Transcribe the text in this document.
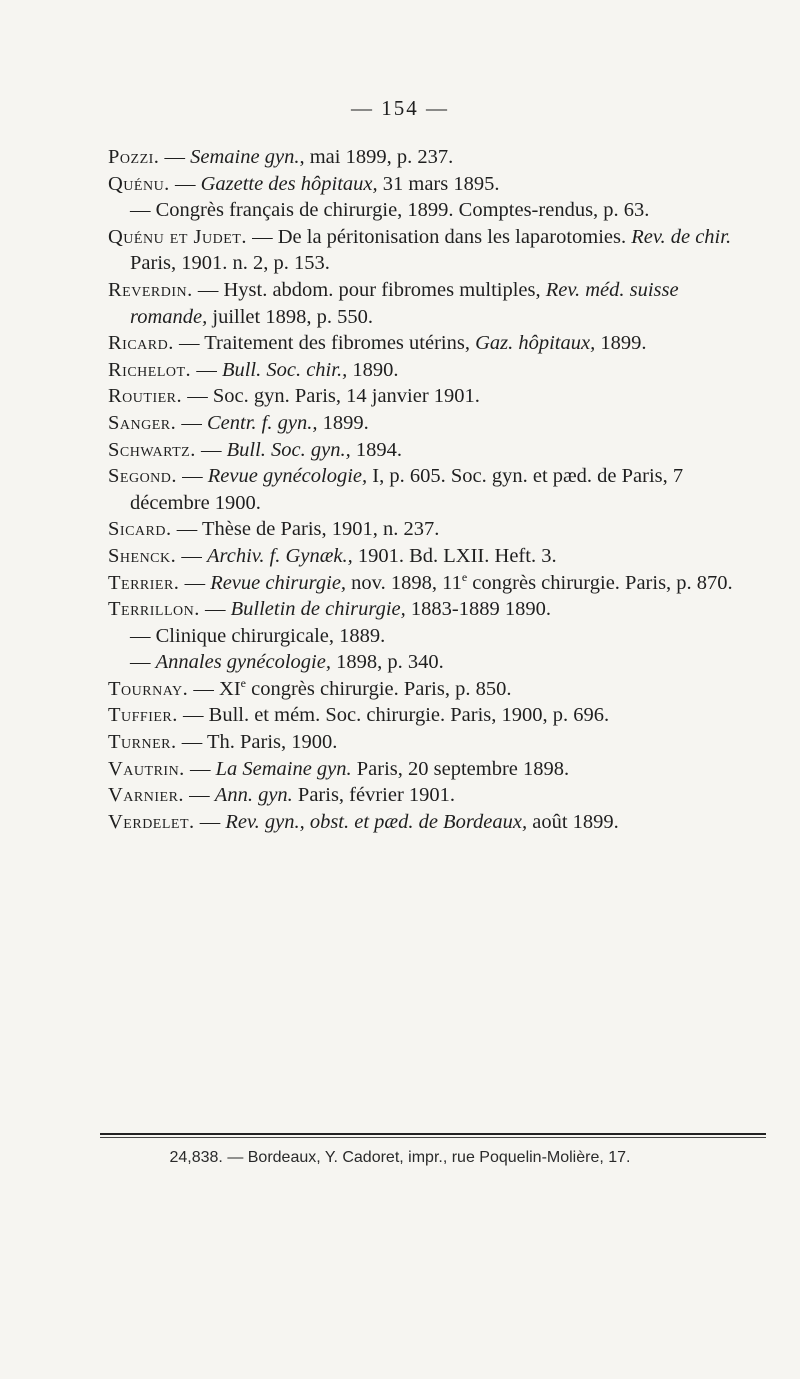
— 154 —

Pozzi. — Semaine gyn., mai 1899, p. 237.

Quénu. — Gazette des hôpitaux, 31 mars 1895.

— Congrès français de chirurgie, 1899. Comptes-rendus, p. 63.

Quénu et Judet. — De la péritonisation dans les laparotomies. Rev. de chir. Paris, 1901. n. 2, p. 153.

Reverdin. — Hyst. abdom. pour fibromes multiples, Rev. méd. suisse romande, juillet 1898, p. 550.

Ricard. — Traitement des fibromes utérins, Gaz. hôpitaux, 1899.

Richelot. — Bull. Soc. chir., 1890.

Routier. — Soc. gyn. Paris, 14 janvier 1901.

Sanger. — Centr. f. gyn., 1899.

Schwartz. — Bull. Soc. gyn., 1894.

Segond. — Revue gynécologie, I, p. 605. Soc. gyn. et pæd. de Paris, 7 décembre 1900.

Sicard. — Thèse de Paris, 1901, n. 237.

Shenck. — Archiv. f. Gynæk., 1901. Bd. LXII. Heft. 3.

Terrier. — Revue chirurgie, nov. 1898, 11e congrès chirurgie. Paris, p. 870.

Terrillon. — Bulletin de chirurgie, 1883-1889 1890.

— Clinique chirurgicale, 1889.

— Annales gynécologie, 1898, p. 340.

Tournay. — XIe congrès chirurgie. Paris, p. 850.

Tuffier. — Bull. et mém. Soc. chirurgie. Paris, 1900, p. 696.

Turner. — Th. Paris, 1900.

Vautrin. — La Semaine gyn. Paris, 20 septembre 1898.

Varnier. — Ann. gyn. Paris, février 1901.

Verdelet. — Rev. gyn., obst. et pæd. de Bordeaux, août 1899.

24,838. — Bordeaux, Y. Cadoret, impr., rue Poquelin-Molière, 17.
